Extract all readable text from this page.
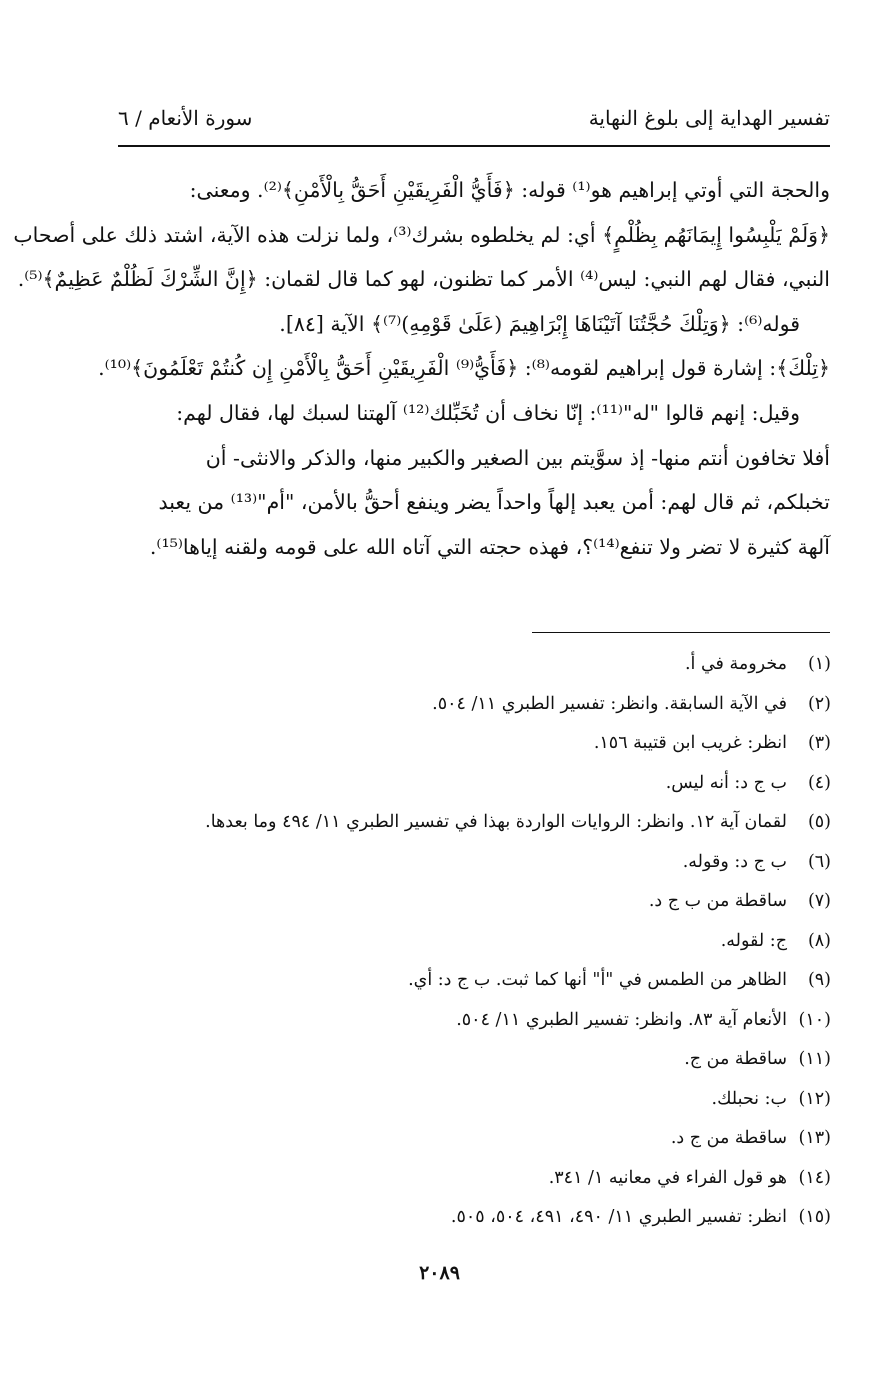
تفسير الهداية إلى بلوغ النهاية
سورة الأنعام / ٦

والحجة التي أوتي إبراهيم هو⁽¹⁾ قوله: ﴿فَأَيُّ الْفَرِيقَيْنِ أَحَقُّ بِالْأَمْنِ﴾⁽²⁾. ومعنى:

﴿وَلَمْ يَلْبِسُوا إِيمَانَهُم بِظُلْمٍ﴾ أي: لم يخلطوه بشرك⁽³⁾، ولما نزلت هذه الآية، اشتد ذلك على أصحاب

النبي، فقال لهم النبي: ليس⁽⁴⁾ الأمر كما تظنون، لهو كما قال لقمان: ﴿إِنَّ الشِّرْكَ لَظُلْمٌ عَظِيمٌ﴾⁽⁵⁾.

قوله⁽⁶⁾: ﴿وَتِلْكَ حُجَّتُنَا آتَيْنَاهَا إِبْرَاهِيمَ (عَلَىٰ قَوْمِهِ)⁽⁷⁾﴾ الآية [٨٤].

﴿تِلْكَ﴾: إشارة قول إبراهيم لقومه⁽⁸⁾: ﴿فَأَيُّ⁽⁹⁾ الْفَرِيقَيْنِ أَحَقُّ بِالْأَمْنِ إِن كُنتُمْ تَعْلَمُونَ﴾⁽¹⁰⁾.

وقيل: إنهم قالوا "له"⁽¹¹⁾: إنّا نخاف أن تُخَبِّلك⁽¹²⁾ آلهتنا لسبك لها، فقال لهم:

أفلا تخافون أنتم منها- إذ سوَّيتم بين الصغير والكبير منها، والذكر والانثى- أن

تخبلكم، ثم قال لهم: أمن يعبد إلهاً واحداً يضر وينفع أحقُّ بالأمن، "أم"⁽¹³⁾ من يعبد

آلهة كثيرة لا تضر ولا تنفع⁽¹⁴⁾؟، فهذه حجته التي آتاه الله على قومه ولقنه إياها⁽¹⁵⁾.

(١)
مخرومة في أ.
(٢)
في الآية السابقة. وانظر: تفسير الطبري ١١/ ٥٠٤.
(٣)
انظر: غريب ابن قتيبة ١٥٦.
(٤)
ب ج د: أنه ليس.
(٥)
لقمان آية ١٢. وانظر: الروايات الواردة بهذا في تفسير الطبري ١١/ ٤٩٤ وما بعدها.
(٦)
ب ج د: وقوله.
(٧)
ساقطة من ب ج د.
(٨)
ج: لقوله.
(٩)
الظاهر من الطمس في "أ" أنها كما ثبت. ب ج د: أي.
(١٠)
الأنعام آية ٨٣. وانظر: تفسير الطبري ١١/ ٥٠٤.
(١١)
ساقطة من ج.
(١٢)
ب: نحبلك.
(١٣)
ساقطة من ج د.
(١٤)
هو قول الفراء في معانيه ١/ ٣٤١.
(١٥)
انظر: تفسير الطبري ١١/ ٤٩٠، ٤٩١، ٥٠٤، ٥٠٥.
٢٠٨٩
